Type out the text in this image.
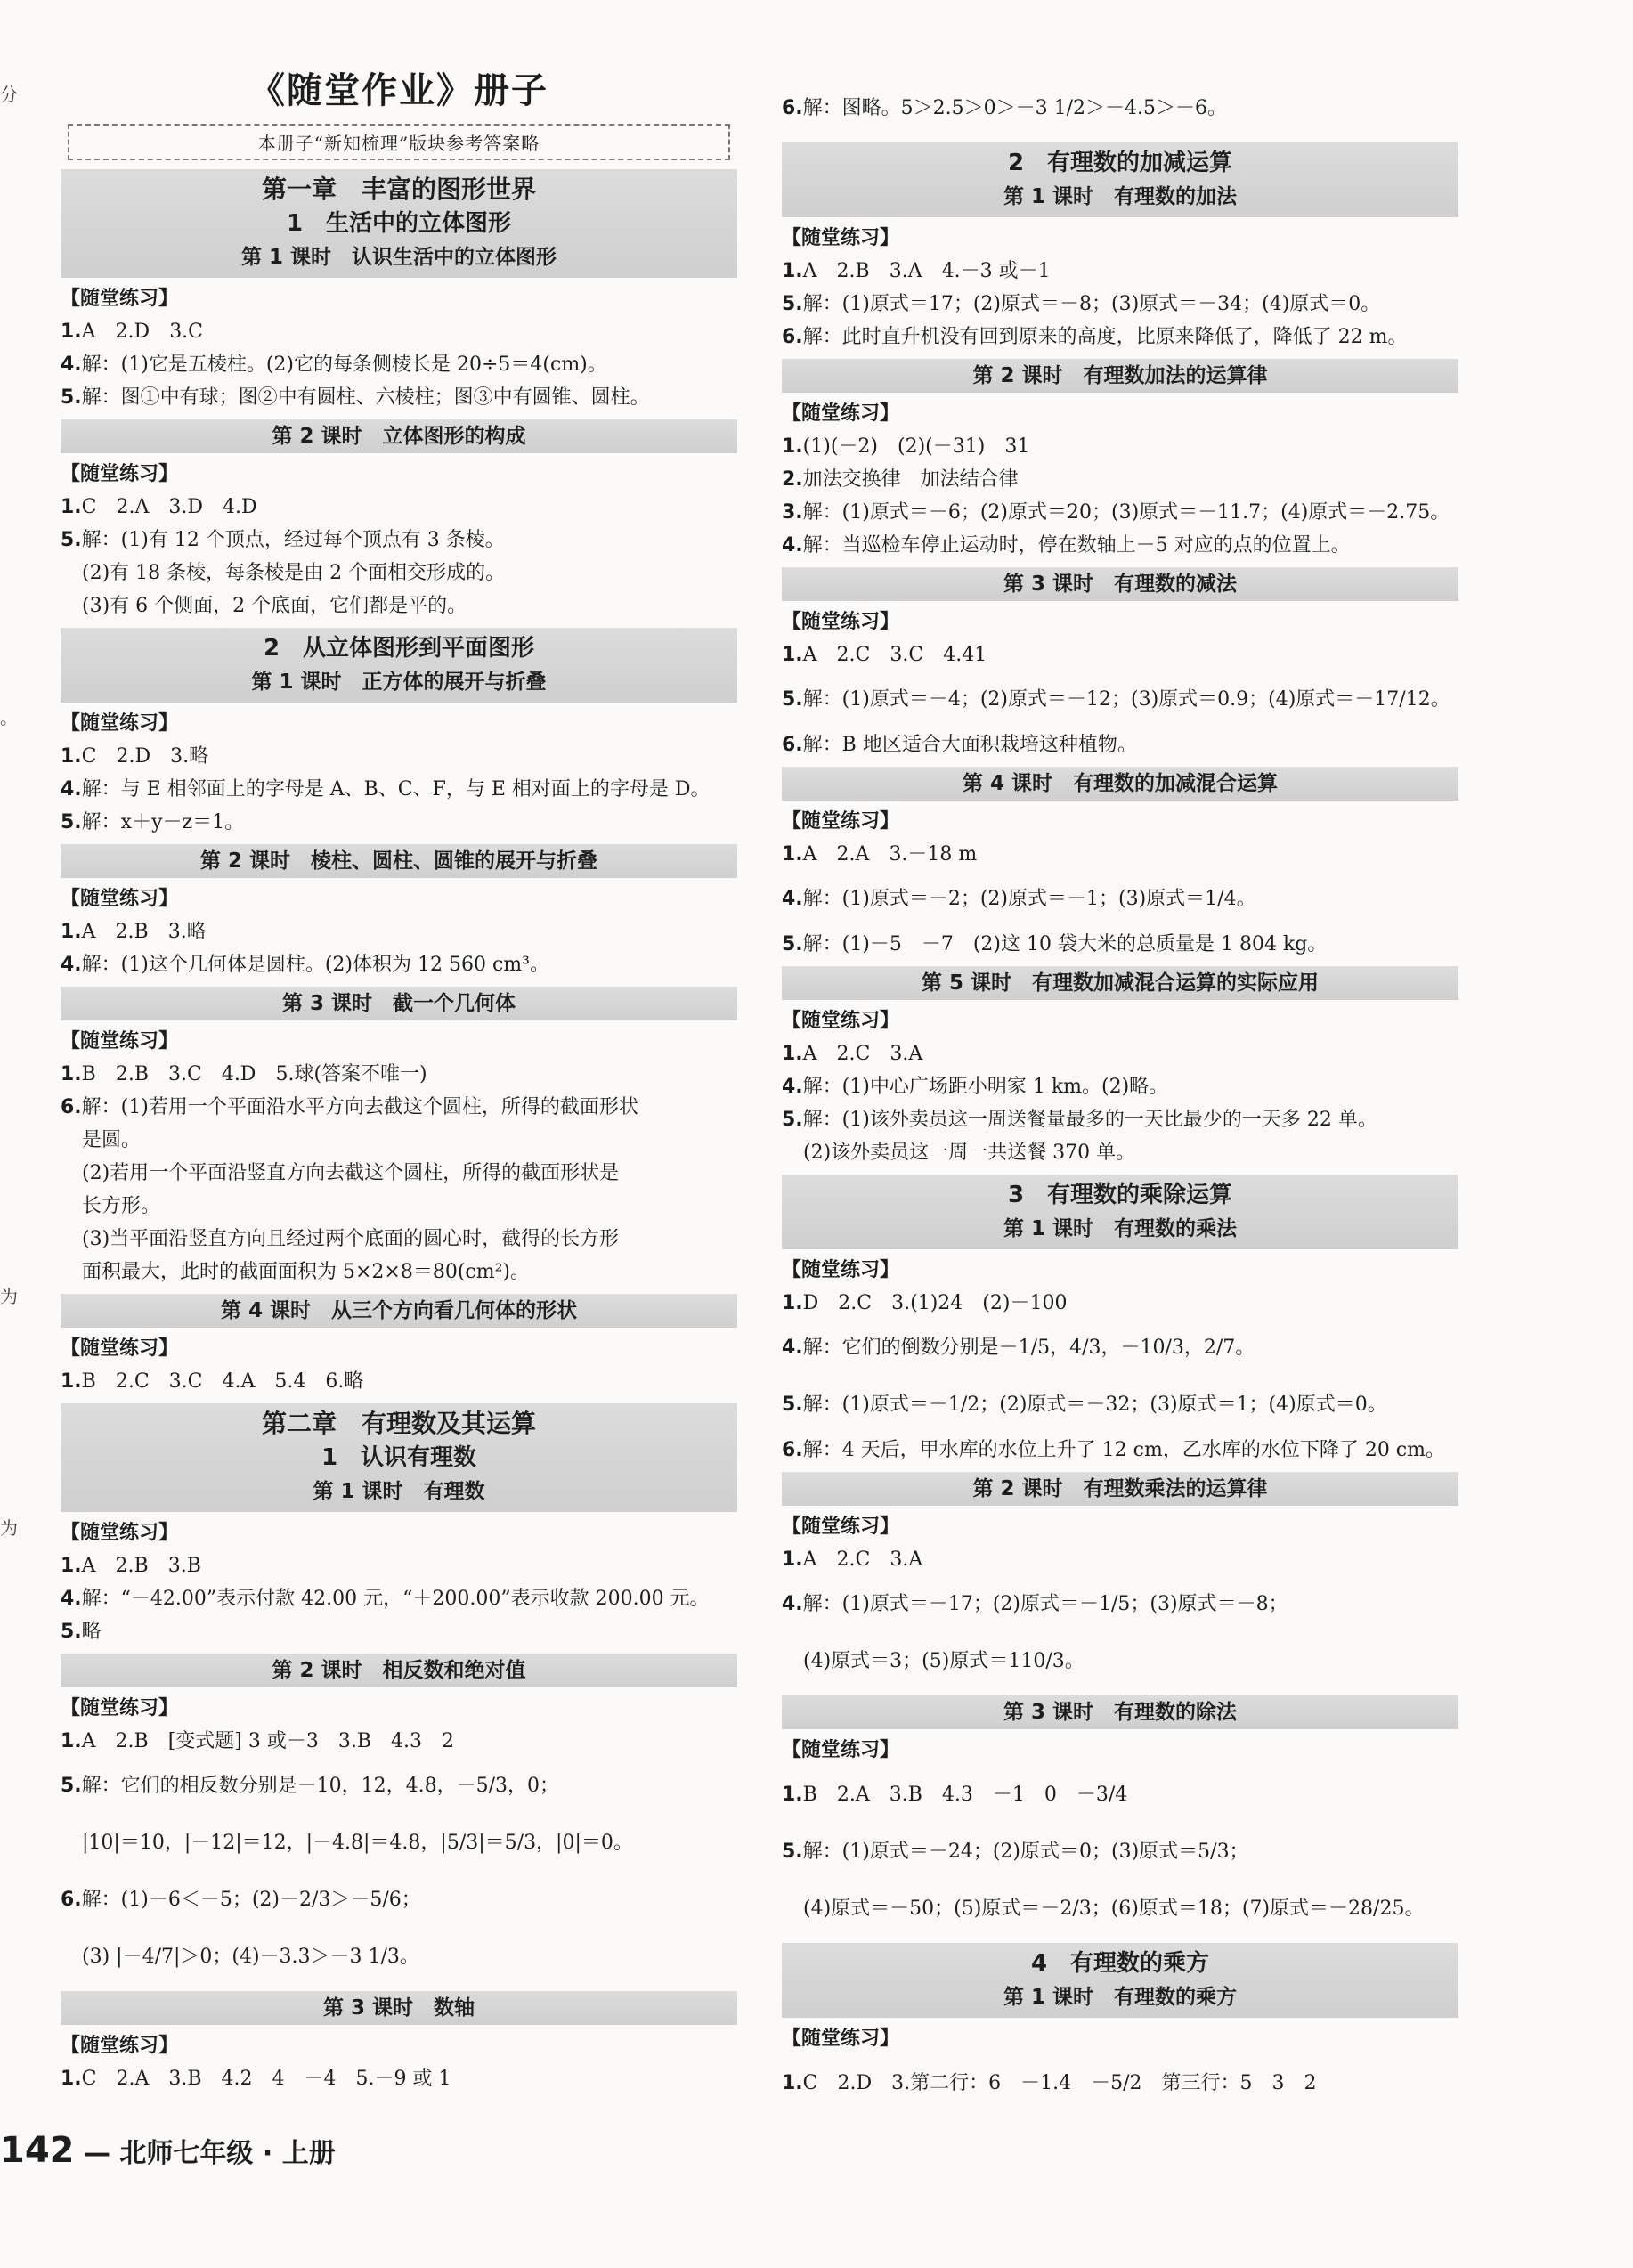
分
。
为
为
《随堂作业》册子
本册子“新知梳理”版块参考答案略
第一章　丰富的图形世界
1　生活中的立体图形
第 1 课时　认识生活中的立体图形
【随堂练习】
1.A　2.D　3.C
4.解：(1)它是五棱柱。(2)它的每条侧棱长是 20÷5＝4(cm)。
5.解：图①中有球；图②中有圆柱、六棱柱；图③中有圆锥、圆柱。
第 2 课时　立体图形的构成
【随堂练习】
1.C　2.A　3.D　4.D
5.解：(1)有 12 个顶点，经过每个顶点有 3 条棱。
(2)有 18 条棱，每条棱是由 2 个面相交形成的。
(3)有 6 个侧面，2 个底面，它们都是平的。
2　从立体图形到平面图形
第 1 课时　正方体的展开与折叠
【随堂练习】
1.C　2.D　3.略
4.解：与 E 相邻面上的字母是 A、B、C、F，与 E 相对面上的字母是 D。
5.解：x＋y－z＝1。
第 2 课时　棱柱、圆柱、圆锥的展开与折叠
【随堂练习】
1.A　2.B　3.略
4.解：(1)这个几何体是圆柱。(2)体积为 12 560 cm³。
第 3 课时　截一个几何体
【随堂练习】
1.B　2.B　3.C　4.D　5.球(答案不唯一)
6.解：(1)若用一个平面沿水平方向去截这个圆柱，所得的截面形状
是圆。
(2)若用一个平面沿竖直方向去截这个圆柱，所得的截面形状是
长方形。
(3)当平面沿竖直方向且经过两个底面的圆心时，截得的长方形
面积最大，此时的截面面积为 5×2×8＝80(cm²)。
第 4 课时　从三个方向看几何体的形状
【随堂练习】
1.B　2.C　3.C　4.A　5.4　6.略
第二章　有理数及其运算
1　认识有理数
第 1 课时　有理数
【随堂练习】
1.A　2.B　3.B
4.解：“－42.00”表示付款 42.00 元，“＋200.00”表示收款 200.00 元。
5.略
第 2 课时　相反数和绝对值
【随堂练习】
1.A　2.B　[变式题] 3 或－3　3.B　4.3　2
5.解：它们的相反数分别是－10，12，4.8，－5/3，0；
|10|＝10，|－12|＝12，|－4.8|＝4.8，|5/3|＝5/3，|0|＝0。
6.解：(1)－6＜－5；(2)－2/3＞－5/6；
(3) |－4/7|＞0；(4)－3.3＞－3 1/3。
第 3 课时　数轴
【随堂练习】
1.C　2.A　3.B　4.2　4　－4　5.－9 或 1
6.解：图略。5＞2.5＞0＞－3 1/2＞－4.5＞－6。
2　有理数的加减运算
第 1 课时　有理数的加法
【随堂练习】
1.A　2.B　3.A　4.－3 或－1
5.解：(1)原式＝17；(2)原式＝－8；(3)原式＝－34；(4)原式＝0。
6.解：此时直升机没有回到原来的高度，比原来降低了，降低了 22 m。
第 2 课时　有理数加法的运算律
【随堂练习】
1.(1)(－2)　(2)(－31)　31
2.加法交换律　加法结合律
3.解：(1)原式＝－6；(2)原式＝20；(3)原式＝－11.7；(4)原式＝－2.75。
4.解：当巡检车停止运动时，停在数轴上－5 对应的点的位置上。
第 3 课时　有理数的减法
【随堂练习】
1.A　2.C　3.C　4.41
5.解：(1)原式＝－4；(2)原式＝－12；(3)原式＝0.9；(4)原式＝－17/12。
6.解：B 地区适合大面积栽培这种植物。
第 4 课时　有理数的加减混合运算
【随堂练习】
1.A　2.A　3.－18 m
4.解：(1)原式＝－2；(2)原式＝－1；(3)原式＝1/4。
5.解：(1)－5　－7　(2)这 10 袋大米的总质量是 1 804 kg。
第 5 课时　有理数加减混合运算的实际应用
【随堂练习】
1.A　2.C　3.A
4.解：(1)中心广场距小明家 1 km。(2)略。
5.解：(1)该外卖员这一周送餐量最多的一天比最少的一天多 22 单。
(2)该外卖员这一周一共送餐 370 单。
3　有理数的乘除运算
第 1 课时　有理数的乘法
【随堂练习】
1.D　2.C　3.(1)24　(2)－100
4.解：它们的倒数分别是－1/5，4/3，－10/3，2/7。
5.解：(1)原式＝－1/2；(2)原式＝－32；(3)原式＝1；(4)原式＝0。
6.解：4 天后，甲水库的水位上升了 12 cm，乙水库的水位下降了 20 cm。
第 2 课时　有理数乘法的运算律
【随堂练习】
1.A　2.C　3.A
4.解：(1)原式＝－17；(2)原式＝－1/5；(3)原式＝－8；
(4)原式＝3；(5)原式＝110/3。
第 3 课时　有理数的除法
【随堂练习】
1.B　2.A　3.B　4.3　－1　0　－3/4
5.解：(1)原式＝－24；(2)原式＝0；(3)原式＝5/3；
(4)原式＝－50；(5)原式＝－2/3；(6)原式＝18；(7)原式＝－28/25。
4　有理数的乘方
第 1 课时　有理数的乘方
【随堂练习】
1.C　2.D　3.第二行：6　－1.4　－5/2　第三行：5　3　2
142 — 北师七年级 · 上册
